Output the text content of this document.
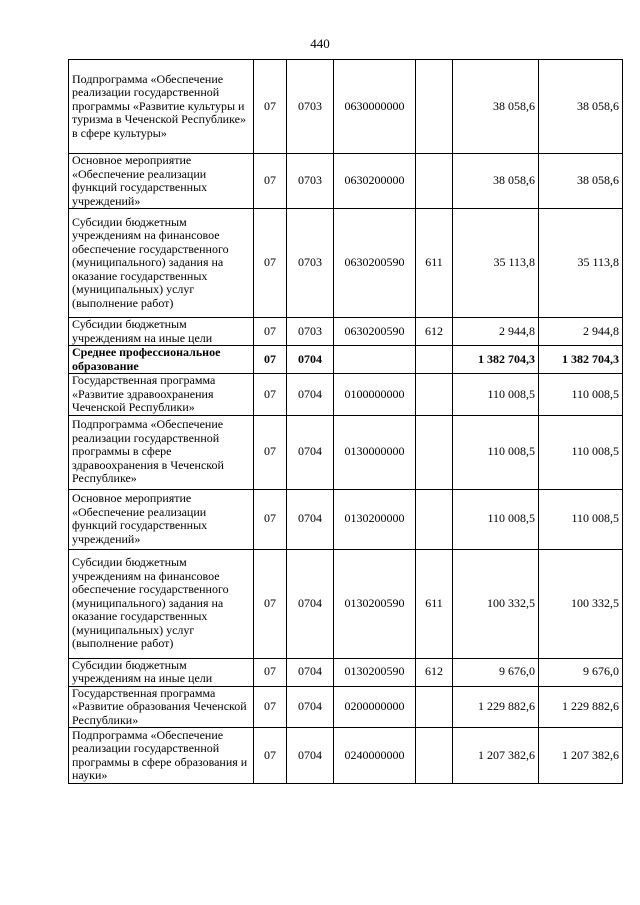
440
Подпрограмма «Обеспечение реализации государственной программы «Развитие культуры и туризма в Чеченской Республике» в сфере культуры»	07	0703	0630000000		38 058,6	38 058,6
Основное мероприятие «Обеспечение реализации функций государственных учреждений»	07	0703	0630200000		38 058,6	38 058,6
Субсидии бюджетным учреждениям на финансовое обеспечение государственного (муниципального) задания на оказание государственных (муниципальных) услуг (выполнение работ)	07	0703	0630200590	611	35 113,8	35 113,8
Субсидии бюджетным учреждениям на иные цели	07	0703	0630200590	612	2 944,8	2 944,8
Среднее профессиональное образование	07	0704			1 382 704,3	1 382 704,3
Государственная программа «Развитие здравоохранения Чеченской Республики»	07	0704	0100000000		110 008,5	110 008,5
Подпрограмма «Обеспечение реализации государственной программы в сфере здравоохранения в Чеченской Республике»	07	0704	0130000000		110 008,5	110 008,5
Основное мероприятие «Обеспечение реализации функций государственных учреждений»	07	0704	0130200000		110 008,5	110 008,5
Субсидии бюджетным учреждениям на финансовое обеспечение государственного (муниципального) задания на оказание государственных (муниципальных) услуг (выполнение работ)	07	0704	0130200590	611	100 332,5	100 332,5
Субсидии бюджетным учреждениям на иные цели	07	0704	0130200590	612	9 676,0	9 676,0
Государственная программа «Развитие образования Чеченской Республики»	07	0704	0200000000		1 229 882,6	1 229 882,6
Подпрограмма «Обеспечение реализации государственной программы в сфере образования и науки»	07	0704	0240000000		1 207 382,6	1 207 382,6
